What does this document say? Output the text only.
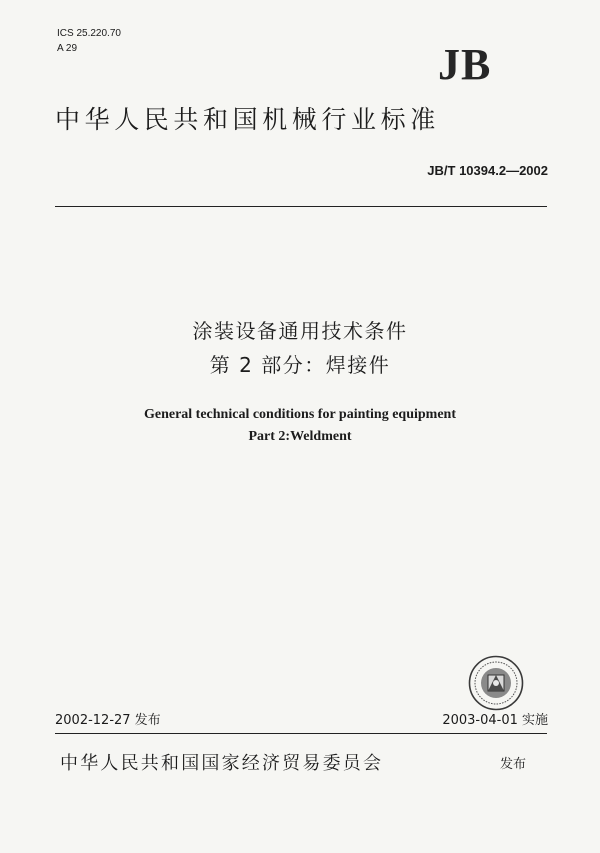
ICS 25.220.70
A 29	JB
中华人民共和国机械行业标准
JB/T 10394.2—2002
涂装设备通用技术条件
第 2 部分：焊接件
General technical conditions for painting equipment
Part 2:Weldment
2002-12-27 发布	2003-04-01 实施
中华人民共和国国家经济贸易委员会	发布
